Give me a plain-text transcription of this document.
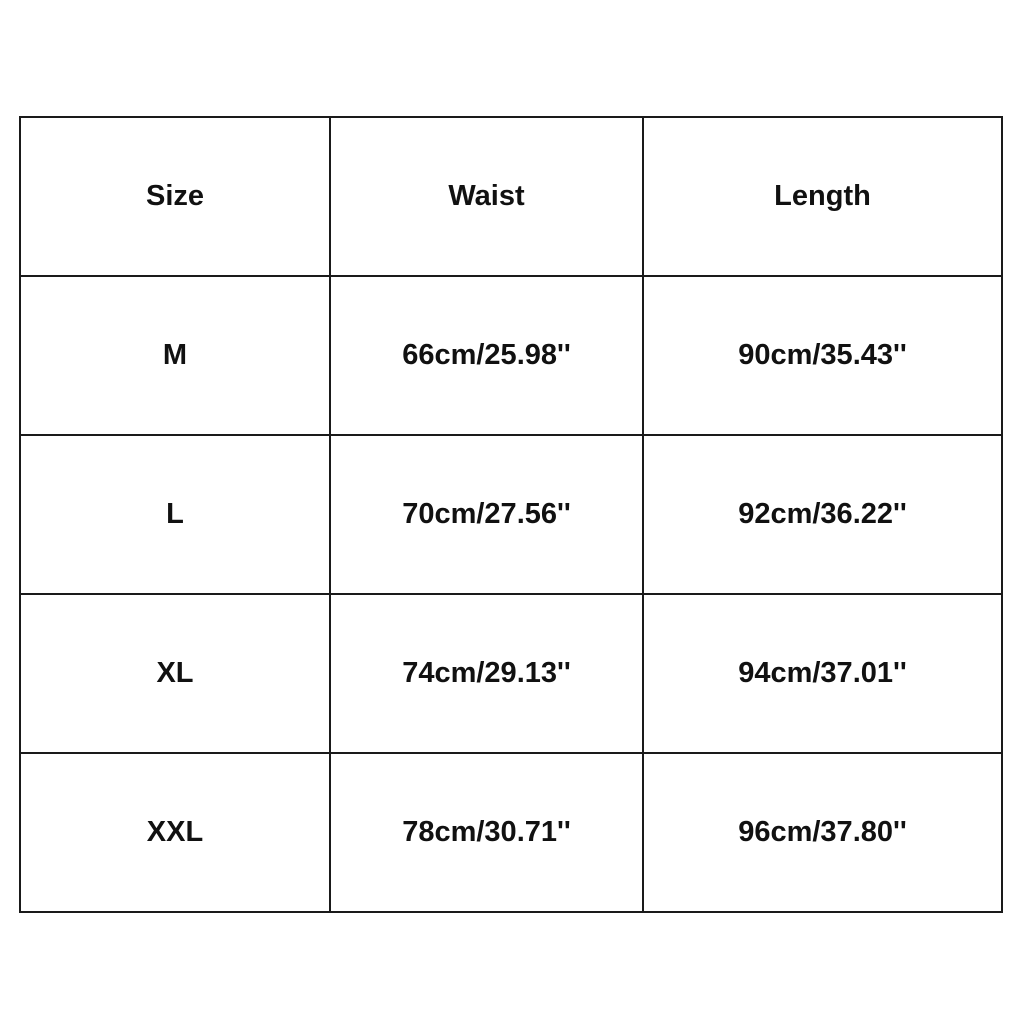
Size	Waist	Length
M	66cm/25.98''	90cm/35.43''
L	70cm/27.56''	92cm/36.22''
XL	74cm/29.13''	94cm/37.01''
XXL	78cm/30.71''	96cm/37.80''
